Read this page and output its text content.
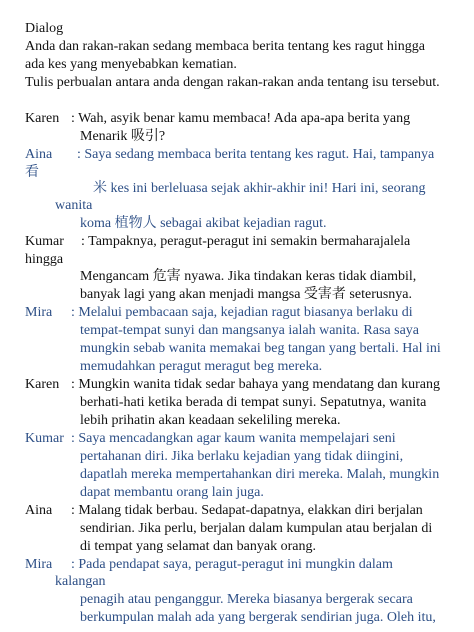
Dialog
Anda dan rakan-rakan sedang membaca berita tentang kes ragut hingga
ada kes yang menyebabkan kematian.
Tulis perbualan antara anda dengan rakan-rakan anda tentang isu tersebut.
Karen : Wah, asyik benar kamu membaca! Ada apa-apa berita yang
Menarik 吸引?
Aina : Saya sedang membaca berita tentang kes ragut. Hai, tampanya
看
米 kes ini berleluasa sejak akhir-akhir ini! Hari ini, seorang
wanita
koma 植物人 sebagai akibat kejadian ragut.
Kumar : Tampaknya, peragut-peragut ini semakin bermaharajalela
hingga
Mengancam 危害 nyawa. Jika tindakan keras tidak diambil,
banyak lagi yang akan menjadi mangsa 受害者 seterusnya.
Mira : Melalui pembacaan saja, kejadian ragut biasanya berlaku di
tempat-tempat sunyi dan mangsanya ialah wanita. Rasa saya
mungkin sebab wanita memakai beg tangan yang bertali. Hal ini
memudahkan peragut meragut beg mereka.
Karen : Mungkin wanita tidak sedar bahaya yang mendatang dan kurang
berhati-hati ketika berada di tempat sunyi. Sepatutnya, wanita
lebih prihatin akan keadaan sekeliling mereka.
Kumar : Saya mencadangkan agar kaum wanita mempelajari seni
pertahanan diri. Jika berlaku kejadian yang tidak diingini,
dapatlah mereka mempertahankan diri mereka. Malah, mungkin
dapat membantu orang lain juga.
Aina : Malang tidak berbau. Sedapat-dapatnya, elakkan diri berjalan
sendirian. Jika perlu, berjalan dalam kumpulan atau berjalan di
di tempat yang selamat dan banyak orang.
Mira : Pada pendapat saya, peragut-peragut ini mungkin dalam
kalangan
penagih atau penganggur. Mereka biasanya bergerak secara
berkumpulan malah ada yang bergerak sendirian juga. Oleh itu,
